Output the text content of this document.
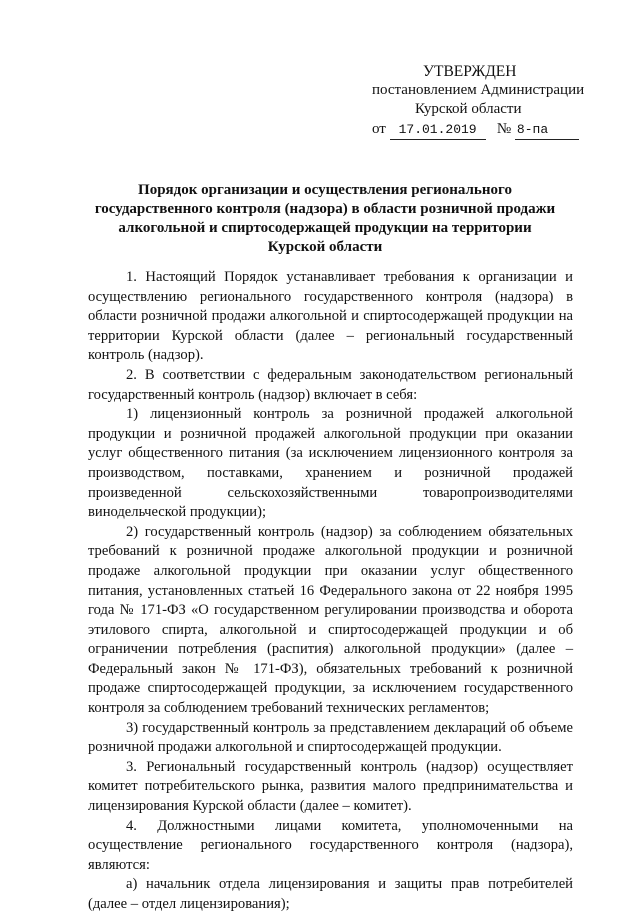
УТВЕРЖДЕН
постановлением Администрации
Курской области
от 17.01.2019 № 8-па
Порядок организации и осуществления регионального
государственного контроля (надзора) в области розничной продажи
алкогольной и спиртосодержащей продукции на территории
Курской области

1. Настоящий Порядок устанавливает требования к организации и осуществлению регионального государственного контроля (надзора) в области розничной продажи алкогольной и спиртосодержащей продукции на территории Курской области (далее – региональный государственный контроль (надзор).

2. В соответствии с федеральным законодательством региональный государственный контроль (надзор) включает в себя:

1) лицензионный контроль за розничной продажей алкогольной продукции и розничной продажей алкогольной продукции при оказании услуг общественного питания (за исключением лицензионного контроля за производством, поставками, хранением и розничной продажей произведенной сельскохозяйственными товаропроизводителями винодельческой продукции);

2) государственный контроль (надзор) за соблюдением обязательных требований к розничной продаже алкогольной продукции и розничной продаже алкогольной продукции при оказании услуг общественного питания, установленных статьей 16 Федерального закона от 22 ноября 1995 года № 171-ФЗ «О государственном регулировании производства и оборота этилового спирта, алкогольной и спиртосодержащей продукции и об ограничении потребления (распития) алкогольной продукции» (далее – Федеральный закон № 171-ФЗ), обязательных требований к розничной продаже спиртосодержащей продукции, за исключением государственного контроля за соблюдением требований технических регламентов;

3) государственный контроль за представлением деклараций об объеме розничной продажи алкогольной и спиртосодержащей продукции.

3. Региональный государственный контроль (надзор) осуществляет комитет потребительского рынка, развития малого предпринимательства и лицензирования Курской области (далее – комитет).

4. Должностными лицами комитета, уполномоченными на осуществление регионального государственного контроля (надзора), являются:

а) начальник отдела лицензирования и защиты прав потребителей (далее – отдел лицензирования);
